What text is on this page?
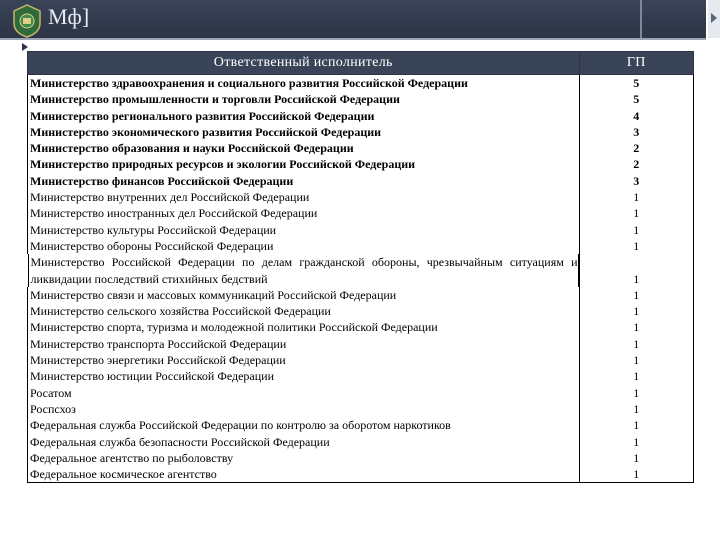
Мф]
Ответственный исполнитель	ГП
Министерство здравоохранения и социального развития Российской Федерации	5
Министерство промышленности и торговли Российской Федерации	5
Министерство регионального развития Российской Федерации	4
Министерство экономического развития Российской Федерации	3
Министерство образования и науки Российской Федерации	2
Министерство природных ресурсов и экологии Российской Федерации	2
Министерство финансов Российской Федерации	3
Министерство внутренних дел Российской Федерации	1
Министерство иностранных дел Российской Федерации	1
Министерство культуры Российской Федерации	1
Министерство обороны Российской Федерации	1

Министерство Российской Федерации по делам гражданской обороны, чрезвычайным ситуациям и ликвидации последствий стихийных бедствий	1
Министерство связи и массовых коммуникаций Российской Федерации	1
Министерство сельского хозяйства Российской Федерации	1
Министерство спорта, туризма и молодежной политики Российской Федерации	1
Министерство транспорта Российской Федерации	1
Министерство энергетики Российской Федерации	1
Министерство юстиции Российской Федерации	1
Росатом	1
Роспсхоз	1
Федеральная служба Российской Федерации по контролю за оборотом наркотиков	1
Федеральная служба безопасности Российской Федерации	1
Федеральное агентство по рыболовству	1
Федеральное космическое агентство	1
